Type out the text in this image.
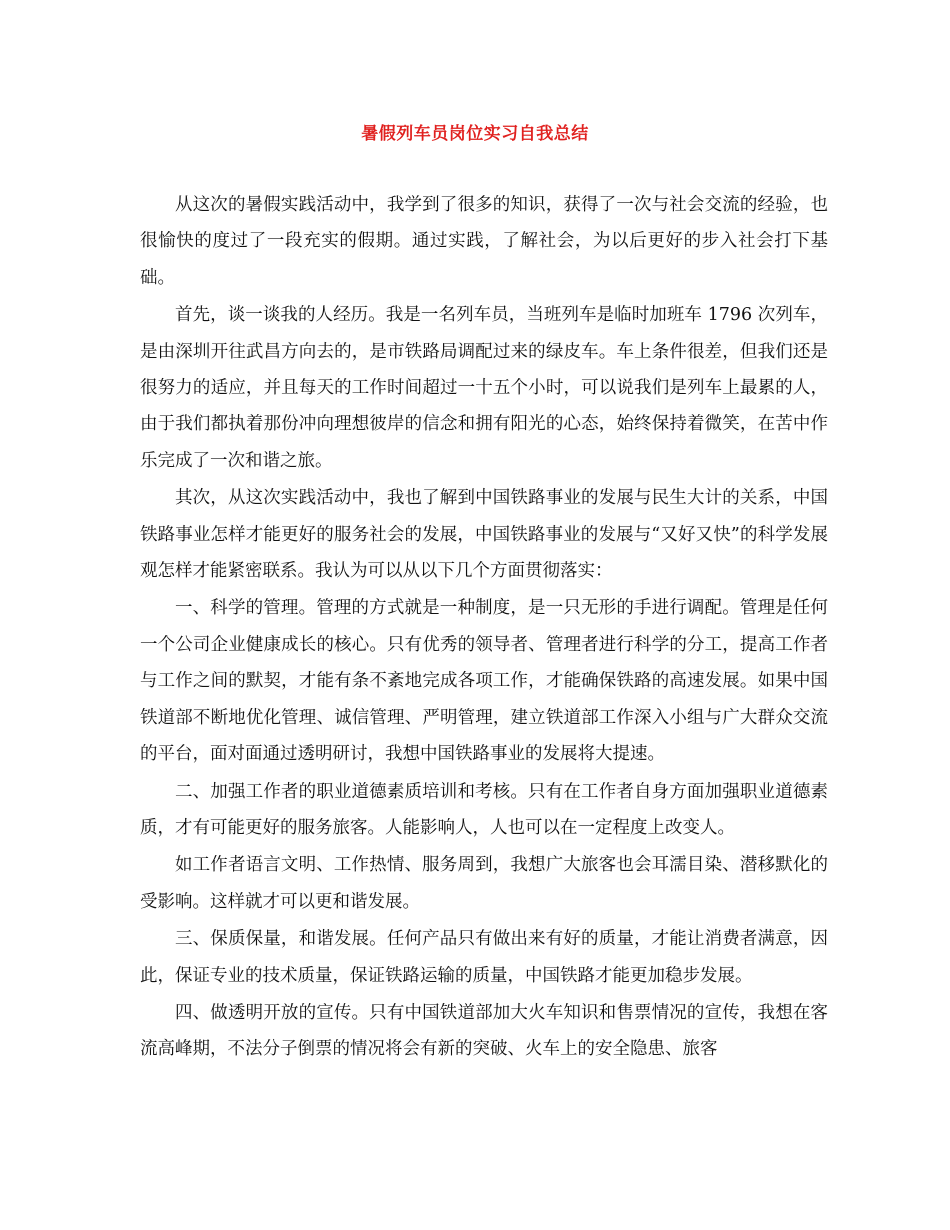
暑假列车员岗位实习自我总结

从这次的暑假实践活动中，我学到了很多的知识，获得了一次与社会交流的经验，也很愉快的度过了一段充实的假期。通过实践，了解社会，为以后更好的步入社会打下基础。

首先，谈一谈我的人经历。我是一名列车员，当班列车是临时加班车 1796 次列车，是由深圳开往武昌方向去的，是市铁路局调配过来的绿皮车。车上条件很差，但我们还是很努力的适应，并且每天的工作时间超过一十五个小时，可以说我们是列车上最累的人，由于我们都执着那份冲向理想彼岸的信念和拥有阳光的心态，始终保持着微笑，在苦中作乐完成了一次和谐之旅。

其次，从这次实践活动中，我也了解到中国铁路事业的发展与民生大计的关系，中国铁路事业怎样才能更好的服务社会的发展，中国铁路事业的发展与“又好又快”的科学发展观怎样才能紧密联系。我认为可以从以下几个方面贯彻落实：

一、科学的管理。管理的方式就是一种制度，是一只无形的手进行调配。管理是任何一个公司企业健康成长的核心。只有优秀的领导者、管理者进行科学的分工，提高工作者与工作之间的默契，才能有条不紊地完成各项工作，才能确保铁路的高速发展。如果中国铁道部不断地优化管理、诚信管理、严明管理，建立铁道部工作深入小组与广大群众交流的平台，面对面通过透明研讨，我想中国铁路事业的发展将大提速。

二、加强工作者的职业道德素质培训和考核。只有在工作者自身方面加强职业道德素质，才有可能更好的服务旅客。人能影响人，人也可以在一定程度上改变人。

如工作者语言文明、工作热情、服务周到，我想广大旅客也会耳濡目染、潜移默化的受影响。这样就才可以更和谐发展。

三、保质保量，和谐发展。任何产品只有做出来有好的质量，才能让消费者满意，因此，保证专业的技术质量，保证铁路运输的质量，中国铁路才能更加稳步发展。

四、做透明开放的宣传。只有中国铁道部加大火车知识和售票情况的宣传，我想在客流高峰期，不法分子倒票的情况将会有新的突破、火车上的安全隐患、旅客
